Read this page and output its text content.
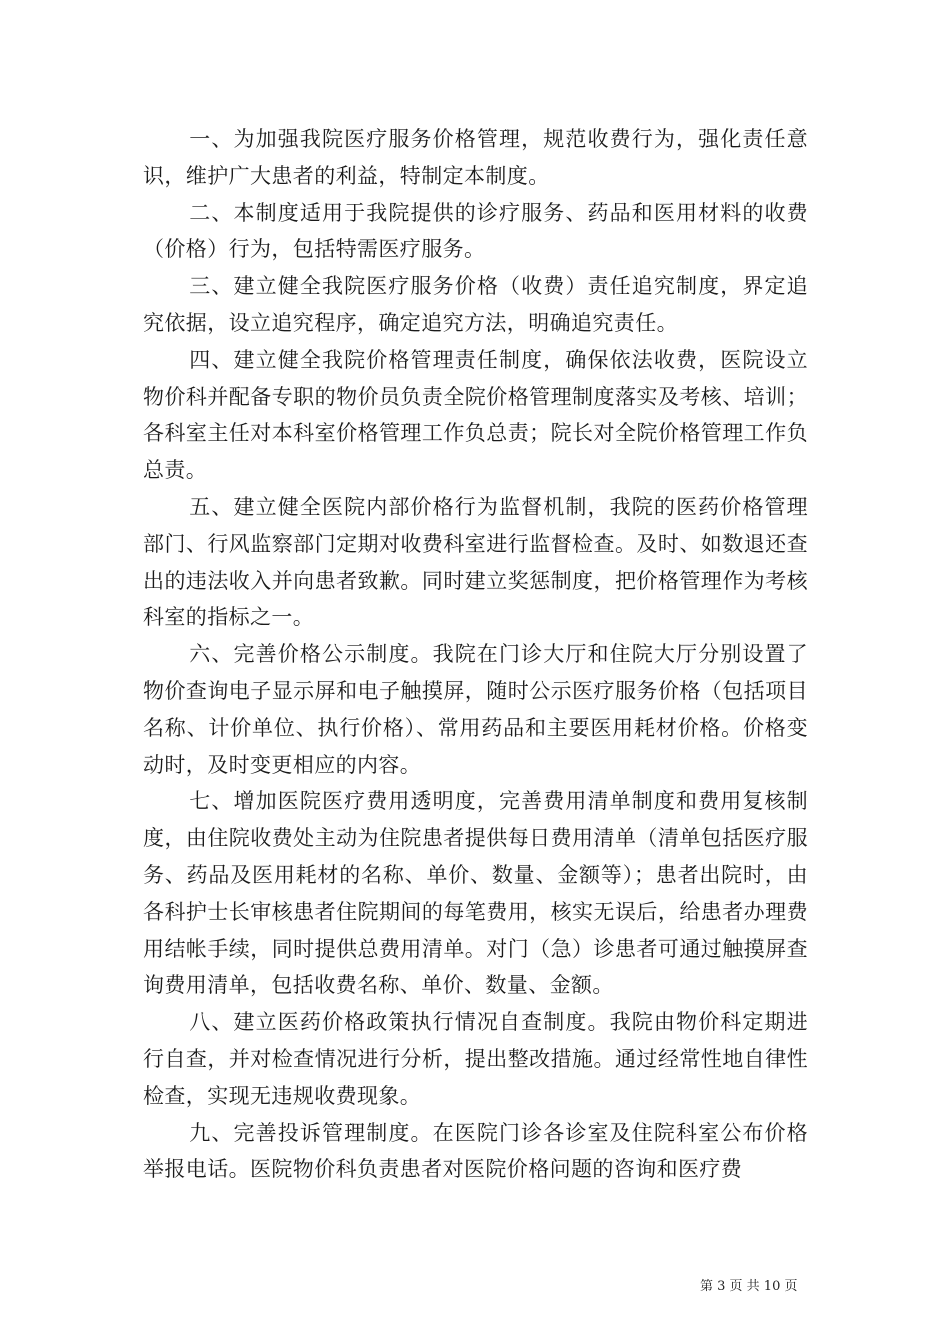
一、为加强我院医疗服务价格管理，规范收费行为，强化责任意识，维护广大患者的利益，特制定本制度。

二、本制度适用于我院提供的诊疗服务、药品和医用材料的收费（价格）行为，包括特需医疗服务。

三、建立健全我院医疗服务价格（收费）责任追究制度，界定追究依据，设立追究程序，确定追究方法，明确追究责任。

四、建立健全我院价格管理责任制度，确保依法收费，医院设立物价科并配备专职的物价员负责全院价格管理制度落实及考核、培训；各科室主任对本科室价格管理工作负总责；院长对全院价格管理工作负总责。

五、建立健全医院内部价格行为监督机制，我院的医药价格管理部门、行风监察部门定期对收费科室进行监督检查。及时、如数退还查出的违法收入并向患者致歉。同时建立奖惩制度，把价格管理作为考核科室的指标之一。

六、完善价格公示制度。我院在门诊大厅和住院大厅分别设置了物价查询电子显示屏和电子触摸屏，随时公示医疗服务价格（包括项目名称、计价单位、执行价格）、常用药品和主要医用耗材价格。价格变动时，及时变更相应的内容。

七、增加医院医疗费用透明度，完善费用清单制度和费用复核制度，由住院收费处主动为住院患者提供每日费用清单（清单包括医疗服务、药品及医用耗材的名称、单价、数量、金额等）；患者出院时，由各科护士长审核患者住院期间的每笔费用，核实无误后，给患者办理费用结帐手续，同时提供总费用清单。对门（急）诊患者可通过触摸屏查询费用清单，包括收费名称、单价、数量、金额。

八、建立医药价格政策执行情况自查制度。我院由物价科定期进行自查，并对检查情况进行分析，提出整改措施。通过经常性地自律性检查，实现无违规收费现象。

九、完善投诉管理制度。在医院门诊各诊室及住院科室公布价格举报电话。医院物价科负责患者对医院价格问题的咨询和医疗费

第 3 页 共 10 页
